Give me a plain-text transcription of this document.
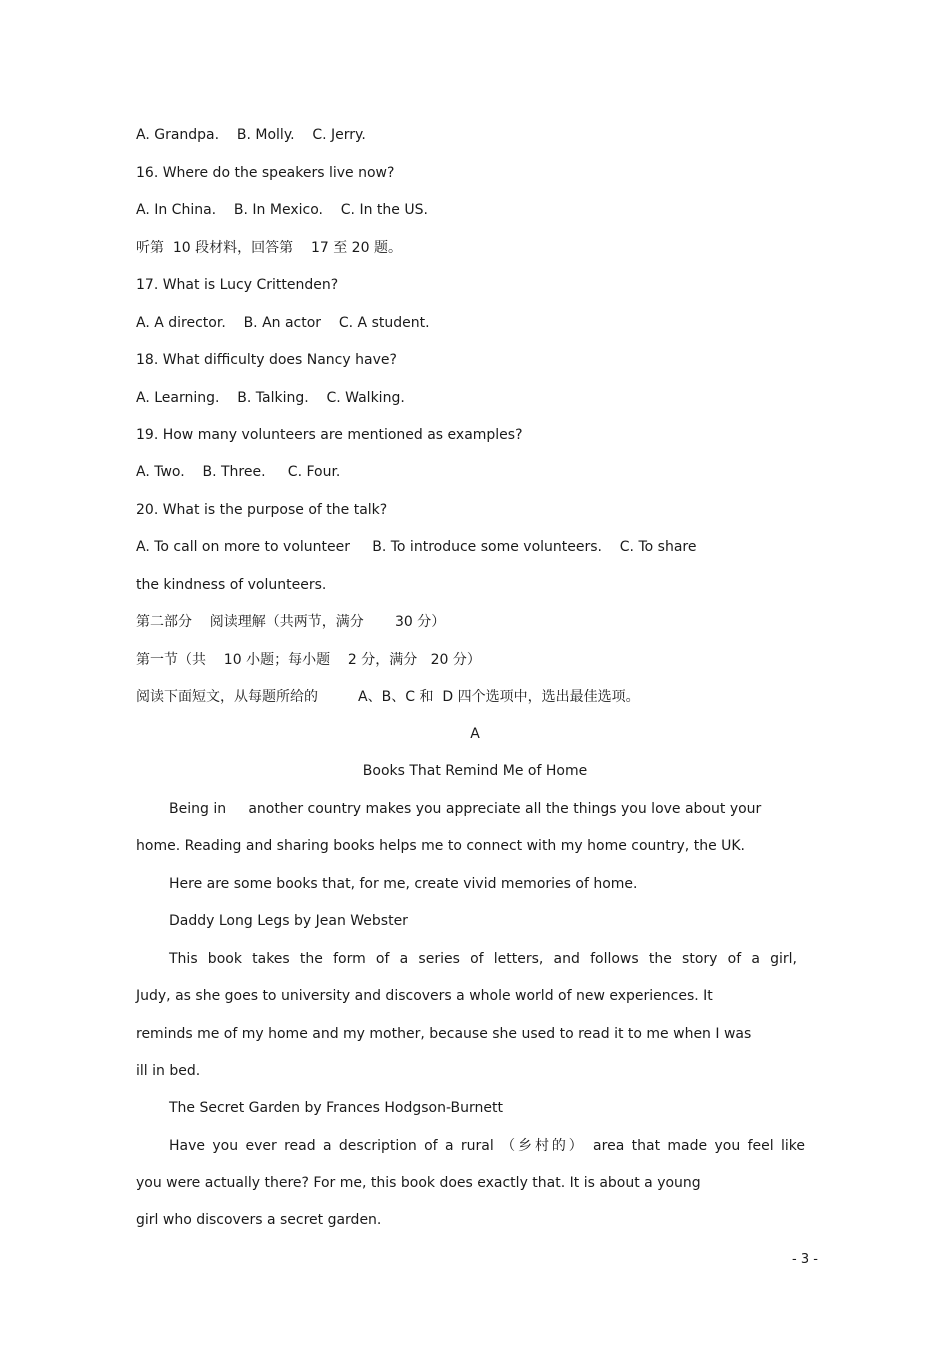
A. Grandpa.    B. Molly.    C. Jerry.
16. Where do the speakers live now?
A. In China.    B. In Mexico.    C. In the US.
听第  10 段材料，回答第    17 至 20 题。
17. What is Lucy Crittenden?
A. A director.    B. An actor    C. A student.
18. What difficulty does Nancy have?
A. Learning.    B. Talking.    C. Walking.
19. How many volunteers are mentioned as examples?
A. Two.    B. Three.     C. Four.
20. What is the purpose of the talk?
A. To call on more to volunteer     B. To introduce some volunteers.    C. To share
the kindness of volunteers.
第二部分    阅读理解（共两节，满分       30 分）
第一节（共    10 小题；每小题    2 分，满分   20 分）
阅读下面短文，从每题所给的         A、B、C 和  D 四个选项中，选出最佳选项。
A
Books That Remind Me of Home
Being in     another country makes you appreciate all the things you love about your
home. Reading and sharing books helps me to connect with my home country, the UK.
Here are some books that, for me, create vivid memories of home.
Daddy Long Legs by Jean Webster
This book takes the form of a series of letters, and follows the story of a girl,
Judy, as she goes to university and discovers a whole world of new experiences. It
reminds me of my home and my mother, because she used to read it to me when I was
ill in bed.
The Secret Garden by Frances Hodgson-Burnett
Have you ever read a description of a rural （乡村的） area that made you feel like
you were actually there? For me, this book does exactly that. It is about a young
girl who discovers a secret garden.
- 3 -
